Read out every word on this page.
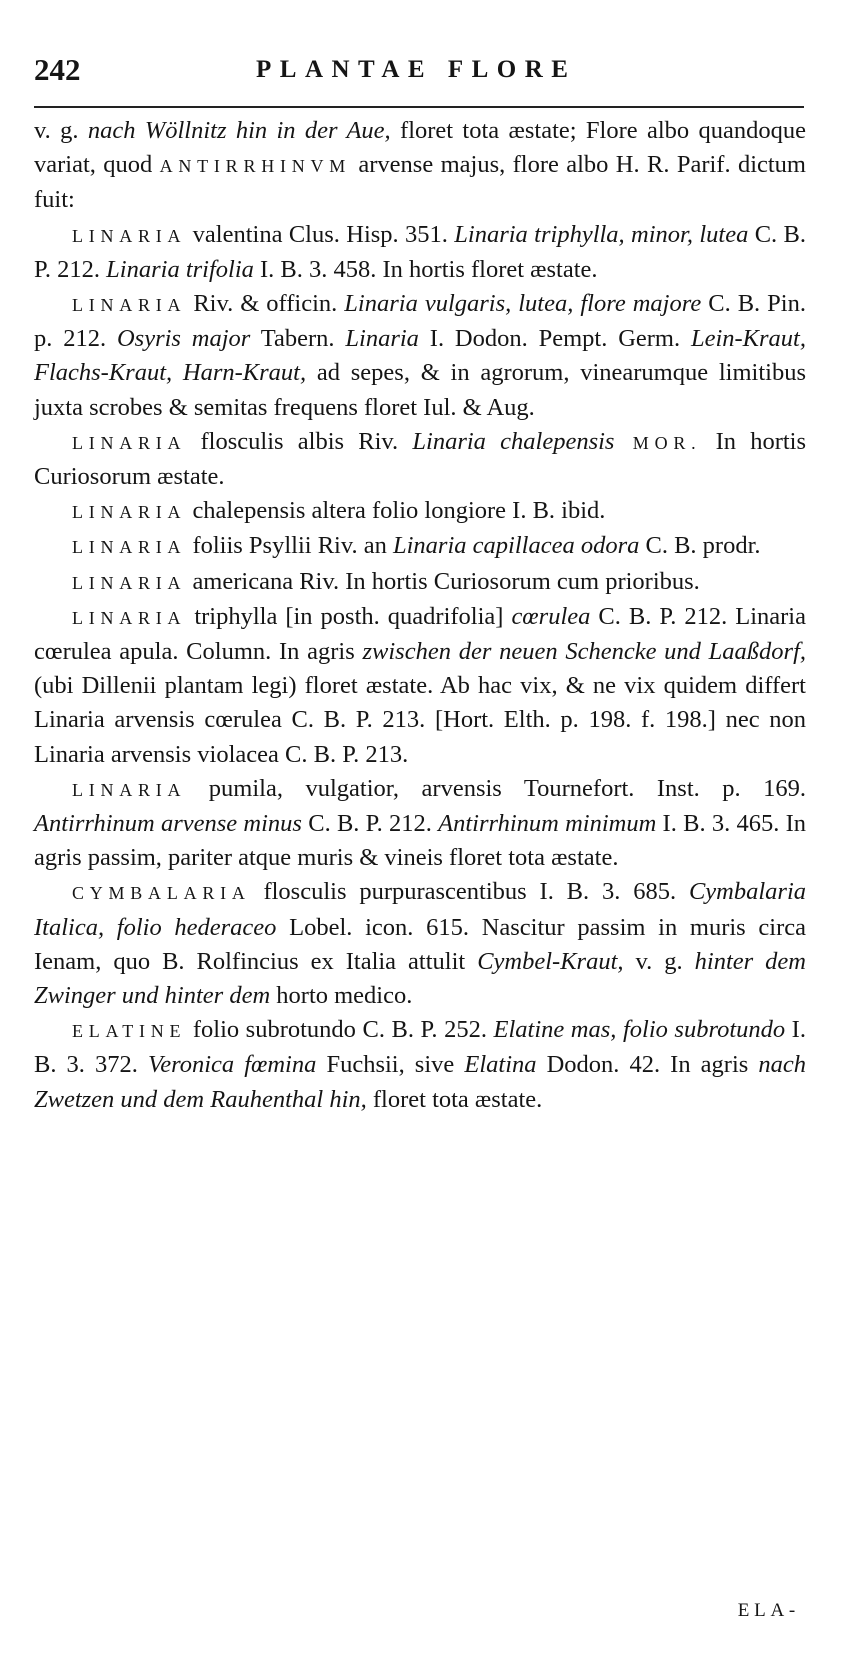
242	PLANTAE FLORE

v. g. nach Wöllnitz hin in der Aue, floret tota æstate; Flore albo quandoque variat, quod ANTIRRHINVM arvense majus, flore albo H. R. Parif. dictum fuit:

LINARIA valentina Clus. Hisp. 351. Linaria triphylla, minor, lutea C. B. P. 212. Linaria trifolia I. B. 3. 458. In hortis floret æstate.

LINARIA Riv. & officin. Linaria vulgaris, lutea, flore majore C. B. Pin. p. 212. Osyris major Tabern. Linaria I. Dodon. Pempt. Germ. Lein-Kraut, Flachs-Kraut, Harn-Kraut, ad sepes, & in agrorum, vinearumque limitibus juxta scrobes & semitas frequens floret Iul. & Aug.

LINARIA flosculis albis Riv. Linaria chalepensis MOR. In hortis Curiosorum æstate.

LINARIA chalepensis altera folio longiore I. B. ibid.

LINARIA foliis Psyllii Riv. an Linaria capillacea odora C. B. prodr.

LINARIA americana Riv. In hortis Curiosorum cum prioribus.

LINARIA triphylla [in posth. quadrifolia] cœrulea C. B. P. 212. Linaria cœrulea apula. Column. In agris zwischen der neuen Schencke und Laaßdorf, (ubi Dillenii plantam legi) floret æstate. Ab hac vix, & ne vix quidem differt Linaria arvensis cœrulea C. B. P. 213. [Hort. Elth. p. 198. f. 198.] nec non Linaria arvensis violacea C. B. P. 213.

LINARIA pumila, vulgatior, arvensis Tournefort. Inst. p. 169. Antirrhinum arvense minus C. B. P. 212. Antirrhinum minimum I. B. 3. 465. In agris passim, pariter atque muris & vineis floret tota æstate.

CYMBALARIA flosculis purpurascentibus I. B. 3. 685. Cymbalaria Italica, folio hederaceo Lobel. icon. 615. Nascitur passim in muris circa Ienam, quo B. Rolfincius ex Italia attulit Cymbel-Kraut, v. g. hinter dem Zwinger und hinter dem horto medico.

ELATINE folio subrotundo C. B. P. 252. Elatine mas, folio subrotundo I. B. 3. 372. Veronica fœmina Fuchsii, sive Elatina Dodon. 42. In agris nach Zwetzen und dem Rauhenthal hin, floret tota æstate.

ELA-
